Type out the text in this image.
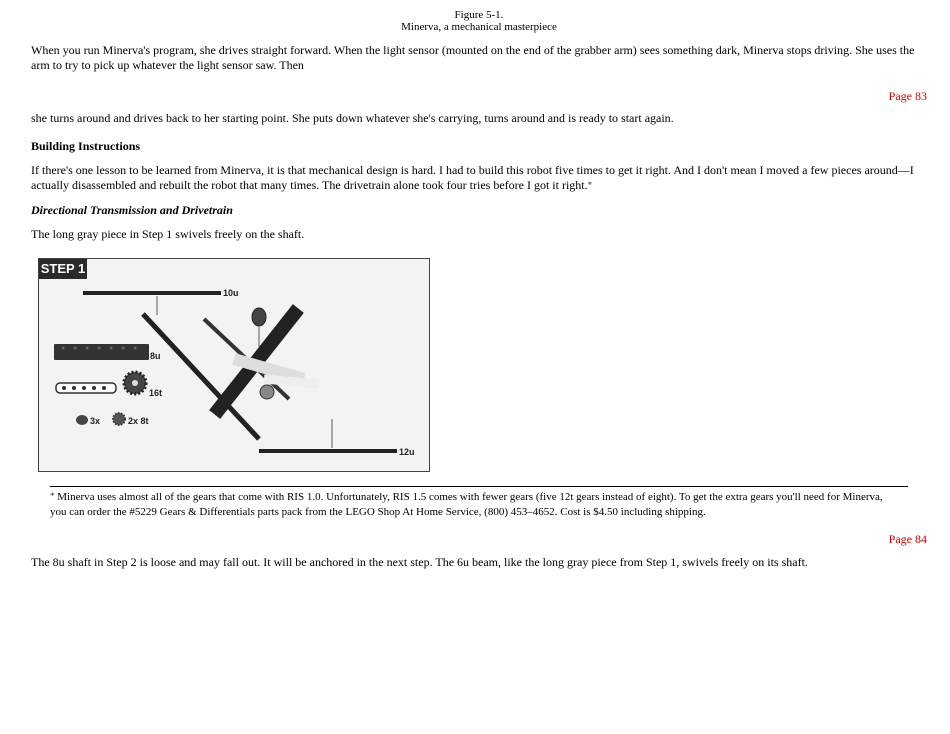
Figure 5-1.
Minerva, a mechanical masterpiece
When you run Minerva's program, she drives straight forward. When the light sensor (mounted on the end of the grabber arm) sees something dark, Minerva stops driving. She uses the arm to try to pick up whatever the light sensor saw. Then
Page 83
she turns around and drives back to her starting point. She puts down whatever she's carrying, turns around and is ready to start again.
Building Instructions
If there's one lesson to be learned from Minerva, it is that mechanical design is hard. I had to build this robot five times to get it right. And I don't mean I moved a few pieces around—I actually disassembled and rebuilt the robot that many times. The drivetrain alone took four tries before I got it right.*
Directional Transmission and Drivetrain
The long gray piece in Step 1 swivels freely on the shaft.
STEP 1
10u
8u
16t
3x	2x 8t
12u
* Minerva uses almost all of the gears that come with RIS 1.0. Unfortunately, RIS 1.5 comes with fewer gears (five 12t gears instead of eight). To get the extra gears you'll need for Minerva, you can order the #5229 Gears & Differentials parts pack from the LEGO Shop At Home Service, (800) 453–4652. Cost is $4.50 including shipping.
Page 84
The 8u shaft in Step 2 is loose and may fall out. It will be anchored in the next step. The 6u beam, like the long gray piece from Step 1, swivels freely on its shaft.
